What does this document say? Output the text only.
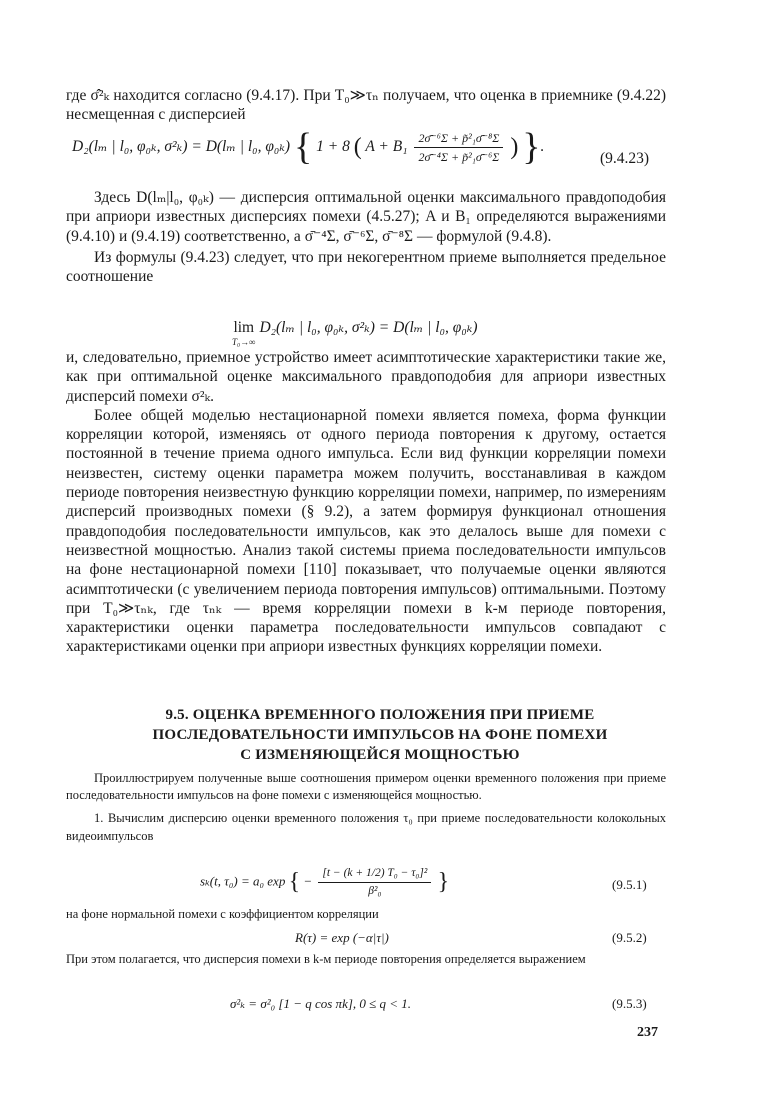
где σ̂²ₖ находится согласно (9.4.17). При T₀≫τₙ получаем, что оценка в приемнике (9.4.22) несмещенная с дисперсией

D₂(lₘ | l₀, φ₀ₖ, σ²ₖ) = D(lₘ | l₀, φ₀ₖ) { 1 + 8 ( $A + B_1 \frac{\text{2σ̄⁻⁶Σ + p̃²₁σ̄⁻⁸Σ}}{\text{2σ̄⁻⁴Σ + p̃²₁σ̄⁻⁶Σ}}$ ) }.
(9.4.23)

Здесь D(lₘ|l₀, φ₀ₖ) — дисперсия оптимальной оценки максимального правдоподобия при априори известных дисперсиях помехи (4.5.27); A и B₁ определяются выражениями (9.4.10) и (9.4.19) соответственно, а σ̄⁻⁴Σ, σ̄⁻⁶Σ, σ̄⁻⁸Σ — формулой (9.4.8).

Из формулы (9.4.23) следует, что при некогерентном приеме выполняется предельное соотношение

lim
T₀→∞
D₂(lₘ | l₀, φ₀ₖ, σ²ₖ) = D(lₘ | l₀, φ₀ₖ)

и, следовательно, приемное устройство имеет асимптотические характеристики такие же, как при оптимальной оценке максимального правдоподобия для априори известных дисперсий помехи σ²ₖ.

Более общей моделью нестационарной помехи является помеха, форма функции корреляции которой, изменяясь от одного периода повторения к другому, остается постоянной в течение приема одного импульса. Если вид функции корреляции помехи неизвестен, систему оценки параметра можем получить, восстанавливая в каждом периоде повторения неизвестную функцию корреляции помехи, например, по измерениям дисперсий производных помехи (§ 9.2), а затем формируя функционал отношения правдоподобия последовательности импульсов, как это делалось выше для помехи с неизвестной мощностью. Анализ такой системы приема последовательности импульсов на фоне нестационарной помехи [110] показывает, что получаемые оценки являются асимптотически (с увеличением периода повторения импульсов) оптимальными. Поэтому при T₀≫τₙₖ, где τₙₖ — время корреляции помехи в k-м периоде повторения, характеристики оценки параметра последовательности импульсов совпадают с характеристиками оценки при априори известных функциях корреляции помехи.

9.5. ОЦЕНКА ВРЕМЕННОГО ПОЛОЖЕНИЯ ПРИ ПРИЕМЕ
ПОСЛЕДОВАТЕЛЬНОСТИ ИМПУЛЬСОВ НА ФОНЕ ПОМЕХИ
С ИЗМЕНЯЮЩЕЙСЯ МОЩНОСТЬЮ

Проиллюстрируем полученные выше соотношения примером оценки временного положения при приеме последовательности импульсов на фоне помехи с изменяющейся мощностью.

1. Вычислим дисперсию оценки временного положения τ₀ при приеме последовательности колокольных видеоимпульсов

sₖ(t, τ₀) = a₀ exp { − $\frac{\text{[t − (k + 1/2) T₀ − τ₀]²}}{\text{β²₀}}$ }	(9.5.1)

на фоне нормальной помехи с коэффициентом корреляции

R(τ) = exp (−α|τ|)	(9.5.2)

При этом полагается, что дисперсия помехи в k-м периоде повторения определяется выражением

σ²ₖ = σ²₀ [1 − q cos πk], 0 ≤ q < 1.	(9.5.3)
237
